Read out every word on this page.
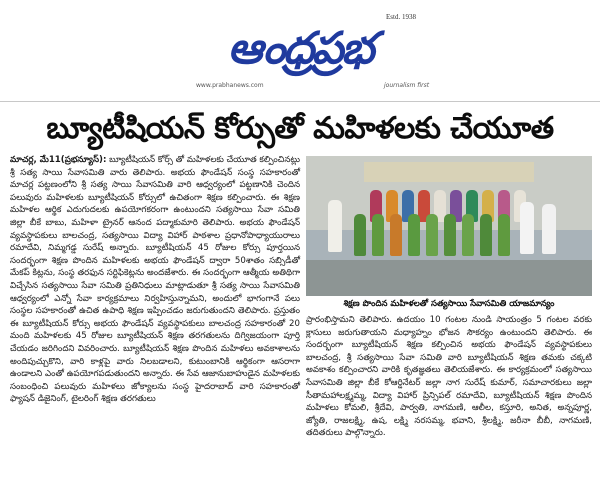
ఆంధ్రప్రభ
Estd. 1938
www.prabhanews.com	journalism first
బ్యూటీషియన్ కోర్సుతో మహిళలకు చేయూత
మాచర్ల, మే11(ప్రభన్యూస్): బ్యూటీషియన్ కోర్స్ తో మహిళలకు చేయూత కల్పించినట్లు శ్రీ సత్య సాయి సేవాసమితి వారు తెలిపారు. అభయ ఫౌండేషన్ సంస్థ సహకారంతో మాచర్ల పట్టణంలోని శ్రీ సత్య సాయి సేవాసమితి వారి ఆధ్వర్యంలో పట్టణానికి చెందిన పలువురు మహిళలకు బ్యూటీషియన్ కోర్సులో ఉచితంగా శిక్షణ కల్పించారు. ఈ శిక్షణ మహిళల ఆర్థిక ఎదుగుదలకు ఉపయోగకరంగా ఉంటుందని సత్యసాయి సేవా సమితి జిల్లా బీకే బాబు, మహిళా ట్రైనర్ ఆనంద పద్మాకుమారి తెలిపారు. అభయ ఫౌండేషన్ వ్యవస్థాపకులు బాలచంద్ర, సత్యసాయి విద్యా విహార్ పాఠశాల ప్రధానోపాధ్యాయురాలు రమాదేవి, నిమ్మగడ్డ సురేష్ అన్నారు. బ్యూటీషియన్ 45 రోజుల కోర్సు పూర్తయిన సందర్భంగా శిక్షణ పొందిన మహిళలకు అభయ ఫౌండేషన్ ద్వారా 50శాతం సబ్సిడీతో మేకప్ కిట్లను, సంస్థ తరఫున సర్టిఫికెట్లను అందజేశారు. ఈ సందర్భంగా ఆత్మీయ అతిథిగా విచ్చేసిన సత్యసాయి సేవా సమితి ప్రతినిధులు మాట్లాడుతూ శ్రీ సత్య సాయి సేవాసమితి ఆధ్వర్యంలో ఎన్నో సేవా కార్యక్రమాలు నిర్వహిస్తున్నామని, అందులో భాగంగానే పలు సంస్థల సహకారంతో ఉచిత ఉపాధి శిక్షణ ఇప్పించడం జరుగుతుందని తెలిపారు. ప్రస్తుతం ఈ బ్యూటీషియన్ కోర్సు అభయ ఫౌండేషన్ వ్యవస్థాపకులు బాలచంద్ర సహకారంతో 20 మంది మహిళలకు 45 రోజుల బ్యూటీషియన్ శిక్షణ తరగతులను దిగ్విజయంగా పూర్తి చేయడం జరిగిందని వివరించారు. బ్యూటీషియన్ శిక్షణ పొందిన మహిళలు అవకాశాలను అందిపుచ్చుకొని, వారి కాళ్లపై వారు నిలబడాలని, కుటుంబానికి ఆర్థికంగా ఆసరాగా ఉండాలని ఎంతో ఉపయోగపడుతుందని అన్నారు. ఈ సేవ ఆజానుబాహుడైన మహిళలకు సంబంధించి పలువురు మహిళలు జోక్యాలను సంస్థ హైదరాబాద్ వారి సహకారంతో ఫ్యాషన్ డిజైనింగ్, టైలరింగ్ శిక్షణ తరగతులు
శిక్షణ పొందిన మహిళలతో సత్యసాయి సేవాసమితి యాజమాన్యం
ప్రారంభిస్తామని తెలిపారు. ఉదయం 10 గంటల నుండి సాయంత్రం 5 గంటల వరకు క్లాసులు జరుగుతాయని మధ్యాహ్నం భోజన సౌకర్యం ఉంటుందని తెలిపారు. ఈ సందర్భంగా బ్యూటీషియన్ శిక్షణ కల్పించిన అభయ ఫౌండేషన్ వ్యవస్థాపకులు బాలచంద్ర, శ్రీ సత్యసాయి సేవా సమితి వారి బ్యూటీషియన్ శిక్షణ తమకు చక్కటి అవకాశం కల్పించారని వారికి కృతజ్ఞతలు తెలియజేశారు. ఈ కార్యక్రమంలో సత్యసాయి సేవాసమితి జిల్లా బీకే కోఆర్డినేటర్ జల్లా నాగ సురేష్ కుమార్, సమాచారకులు జల్లా సీతామహాలక్ష్మమ్మ, విద్యా విహార్ ప్రిన్సిపల్ రమాదేవి, బ్యూటీషియన్ శిక్షణ పొందిన మహిళలు కోమలి, శ్రీదేవి, పార్వతి, నాగమణి, ఆలీల, కస్తూరి, అనిత, అన్నపూర్ణ, జ్యోతి, రాజలక్ష్మి, ఉష, లక్ష్మి నరసమ్మ, భవాని, శ్రీలక్ష్మి, జరీనా బీబీ, నాగమణి, తదితరులు పాల్గొన్నారు.
